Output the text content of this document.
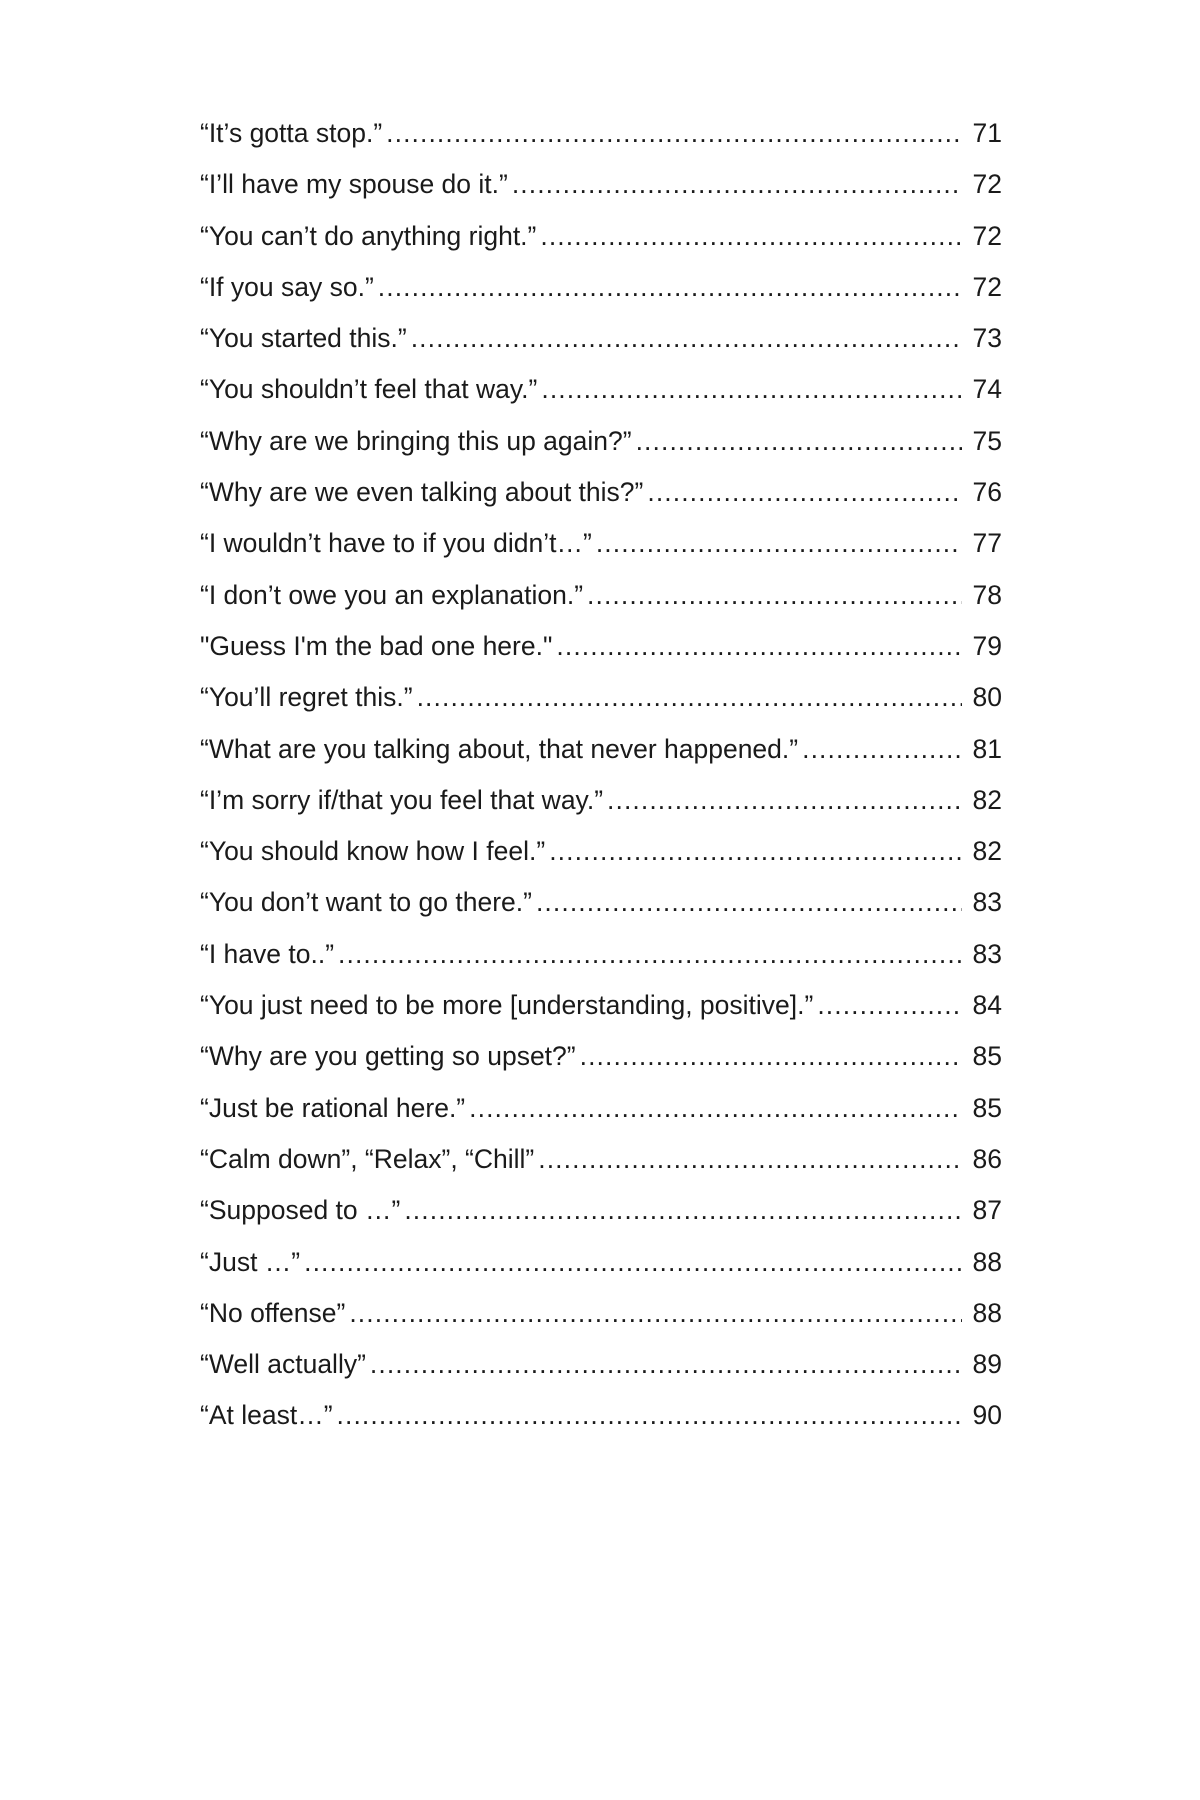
“It’s gotta stop.” .....	71
“I’ll have my spouse do it.” .....	72
“You can’t do anything right.” .....	72
“If you say so.” .....	72
“You started this.” .....	73
“You shouldn’t feel that way.” .....	74
“Why are we bringing this up again?” .....	75
“Why are we even talking about this?” .....	76
“I wouldn’t have to if you didn’t…” .....	77
“I don’t owe you an explanation.” .....	78
"Guess I'm the bad one here." .....	79
“You’ll regret this.” .....	80
“What are you talking about, that never happened.” .....	81
“I’m sorry if/that you feel that way.” .....	82
“You should know how I feel.” .....	82
“You don’t want to go there.” .....	83
“I have to..” .....	83
“You just need to be more [understanding, positive].” .....	84
“Why are you getting so upset?” .....	85
“Just be rational here.” .....	85
“Calm down”, “Relax”, “Chill” .....	86
“Supposed to …” .....	87
“Just …” .....	88
“No offense” .....	88
“Well actually” .....	89
“At least…” .....	90
